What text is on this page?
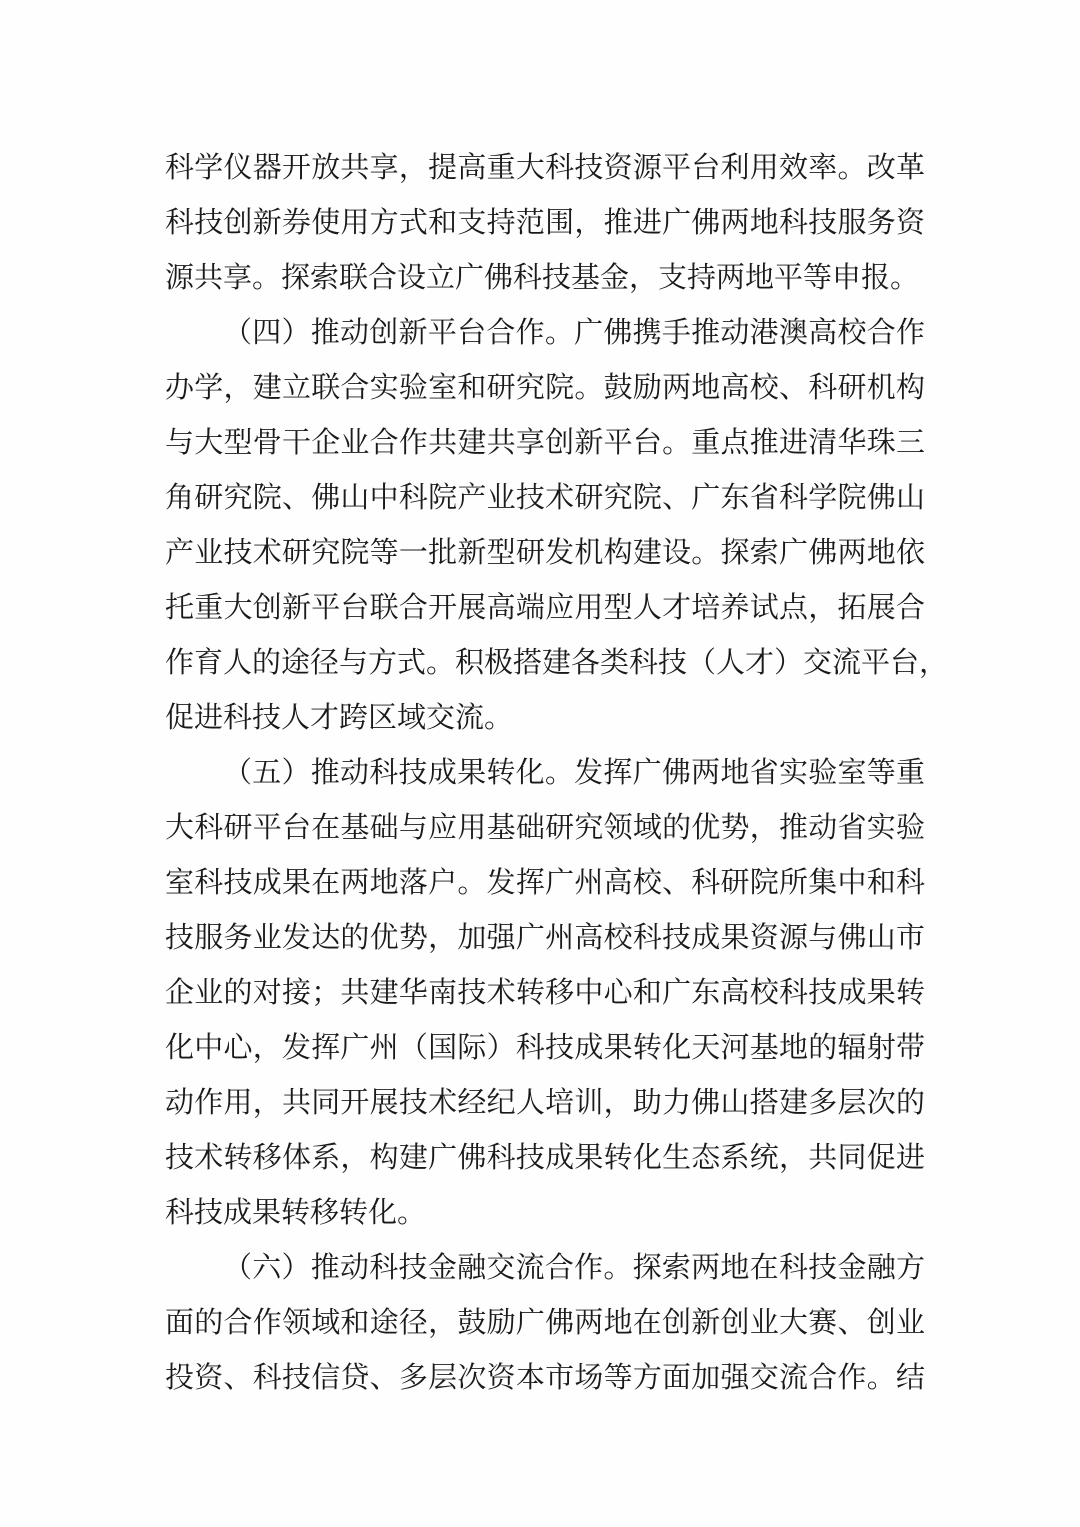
科学仪器开放共享，提高重大科技资源平台利用效率。改革
科技创新券使用方式和支持范围，推进广佛两地科技服务资
源共享。探索联合设立广佛科技基金，支持两地平等申报。
（四）推动创新平台合作。广佛携手推动港澳高校合作
办学，建立联合实验室和研究院。鼓励两地高校、科研机构
与大型骨干企业合作共建共享创新平台。重点推进清华珠三
角研究院、佛山中科院产业技术研究院、广东省科学院佛山
产业技术研究院等一批新型研发机构建设。探索广佛两地依
托重大创新平台联合开展高端应用型人才培养试点，拓展合
作育人的途径与方式。积极搭建各类科技（人才）交流平台，
促进科技人才跨区域交流。
（五）推动科技成果转化。发挥广佛两地省实验室等重
大科研平台在基础与应用基础研究领域的优势，推动省实验
室科技成果在两地落户。发挥广州高校、科研院所集中和科
技服务业发达的优势，加强广州高校科技成果资源与佛山市
企业的对接；共建华南技术转移中心和广东高校科技成果转
化中心，发挥广州（国际）科技成果转化天河基地的辐射带
动作用，共同开展技术经纪人培训，助力佛山搭建多层次的
技术转移体系，构建广佛科技成果转化生态系统，共同促进
科技成果转移转化。
（六）推动科技金融交流合作。探索两地在科技金融方
面的合作领域和途径，鼓励广佛两地在创新创业大赛、创业
投资、科技信贷、多层次资本市场等方面加强交流合作。结
